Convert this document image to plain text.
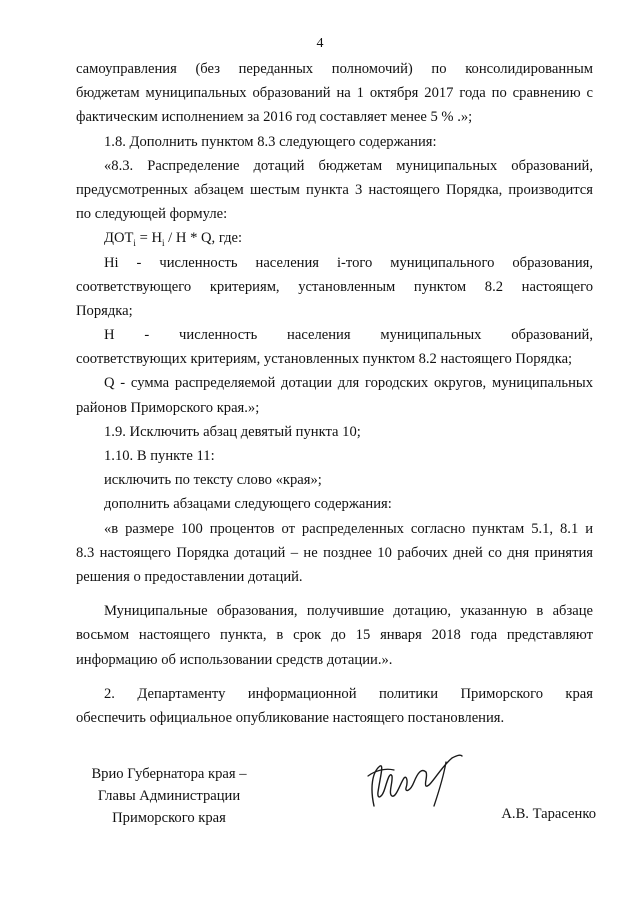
4
самоуправления (без переданных полномочий) по консолидированным
бюджетам муниципальных образований на 1 октября 2017 года по сравнению с
фактическим исполнением за 2016 год составляет менее 5 % .»;
1.8. Дополнить пунктом 8.3 следующего содержания:
«8.3. Распределение дотаций бюджетам муниципальных образований,
предусмотренных абзацем шестым пункта 3 настоящего Порядка, производится
по следующей формуле:
$ДОТ_i = H_i / H * Q$, где:
Hi - численность населения i-того муниципального образования,
соответствующего критериям, установленным пунктом 8.2 настоящего
Порядка;
H - численность населения муниципальных образований,
соответствующих критериям, установленных пунктом 8.2 настоящего Порядка;
Q - сумма распределяемой дотации для городских округов, муниципальных
районов Приморского края.»;
1.9. Исключить абзац девятый пункта 10;
1.10. В пункте 11:
исключить по тексту слово «края»;
дополнить абзацами следующего содержания:
«в размере 100 процентов от распределенных согласно пунктам 5.1, 8.1 и
8.3 настоящего Порядка дотаций – не позднее 10 рабочих дней со дня принятия
решения о предоставлении дотаций.
Муниципальные образования, получившие дотацию, указанную в абзаце
восьмом настоящего пункта, в срок до 15 января 2018 года представляют
информацию об использовании средств дотации.».
2. Департаменту информационной политики Приморского края
обеспечить официальное опубликование настоящего постановления.
Врио Губернатора края –
Главы Администрации
Приморского края	А.В. Тарасенко
